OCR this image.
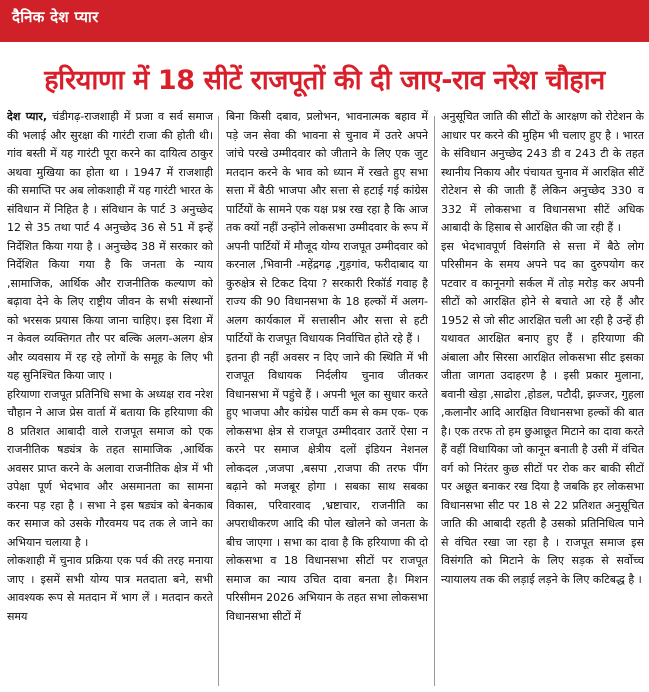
दैनिक देश प्यार
हरियाणा में 18 सीटें राजपूतों की दी जाए-राव नरेश चौहान

देश प्यार, चंडीगढ़-राजशाही में प्रजा व सर्व समाज की भलाई और सुरक्षा की गारंटी राजा की होती थी। गांव बस्ती में यह गारंटी पूरा करने का दायित्व ठाकुर अथवा मुखिया का होता था । 1947 में राजशाही की समाप्ति पर अब लोकशाही में यह गारंटी भारत के संविधान में निहित है । संविधान के पार्ट 3 अनुच्छेद 12 से 35 तथा पार्ट 4 अनुच्छेद 36 से 51 में इन्हें निर्देशित किया गया है । अनुच्छेद 38 में सरकार को निर्देशित किया गया है कि जनता के न्याय ,सामाजिक, आर्थिक और राजनीतिक कल्याण को बढ़ावा देने के लिए राष्ट्रीय जीवन के सभी संस्थानों को भरसक प्रयास किया जाना चाहिए। इस दिशा में न केवल व्यक्तिगत तौर पर बल्कि अलग-अलग क्षेत्र और व्यवसाय में रह रहे लोगों के समूह के लिए भी यह सुनिश्चित किया जाए ।

हरियाणा राजपूत प्रतिनिधि सभा के अध्यक्ष राव नरेश चौहान ने आज प्रेस वार्ता में बताया कि हरियाणा की 8 प्रतिशत आबादी वाले राजपूत समाज को एक राजनीतिक षड्यंत्र के तहत सामाजिक ,आर्थिक अवसर प्राप्त करने के अलावा राजनीतिक क्षेत्र में भी उपेक्षा पूर्ण भेदभाव और असमानता का सामना करना पड़ रहा है । सभा ने इस षड्यंत्र को बेनकाब कर समाज को उसके गौरवमय पद तक ले जाने का अभियान चलाया है ।

लोकशाही में चुनाव प्रक्रिया एक पर्व की तरह मनाया जाए । इसमें सभी योग्य पात्र मतदाता बने, सभी आवश्यक रूप से मतदान में भाग लें । मतदान करते समय

बिना किसी दबाव, प्रलोभन, भावनात्मक बहाव में पड़े जन सेवा की भावना से चुनाव में उतरे अपने जांचे परखे उम्मीदवार को जीताने के लिए एक जुट मतदान करने के भाव को ध्यान में रखते हुए सभा सत्ता में बैठी भाजपा और सत्ता से हटाई गई कांग्रेस पार्टियों के सामने एक यक्ष प्रश्न रख रहा है कि आज तक क्यों नहीं उन्होंने लोकसभा उम्मीदवार के रूप में अपनी पार्टियों में मौजूद योग्य राजपूत उम्मीदवार को करनाल ,भिवानी -महेंद्रगढ़ ,गुड़गांव, फरीदाबाद या कुरुक्षेत्र से टिकट दिया ? सरकारी रिकॉर्ड गवाह है राज्य की 90 विधानसभा के 18 हल्कों में अलग-अलग कार्यकाल में सत्तासीन और सत्ता से हटी पार्टियों के राजपूत विधायक निर्वाचित होते रहे हैं ।

इतना ही नहीं अवसर न दिए जाने की स्थिति में भी राजपूत विधायक निर्दलीय चुनाव जीतकर विधानसभा में पहुंचे हैं । अपनी भूल का सुधार करते हुए भाजपा और कांग्रेस पार्टी कम से कम एक- एक लोकसभा क्षेत्र से राजपूत उम्मीदवार उतारें ऐसा न करने पर समाज क्षेत्रीय दलों इंडियन नेशनल लोकदल ,जजपा ,बसपा ,राजपा की तरफ पींग बढ़ाने को मजबूर होगा । सबका साथ सबका विकास, परिवारवाद ,भ्रष्टाचार, राजनीति का अपराधीकरण आदि की पोल खोलने को जनता के बीच जाएगा । सभा का दावा है कि हरियाणा की दो लोकसभा व 18 विधानसभा सीटों पर राजपूत समाज का न्याय उचित दावा बनता है। मिशन परिसीमन 2026 अभियान के तहत सभा लोकसभा विधानसभा सीटों में

अनुसूचित जाति की सीटों के आरक्षण को रोटेशन के आधार पर करने की मुहिम भी चलाए हुए है । भारत के संविधान अनुच्छेद 243 डी व 243 टी के तहत स्थानीय निकाय और पंचायत चुनाव में आरक्षित सीटें रोटेशन से की जाती हैं लेकिन अनुच्छेद 330 व 332 में लोकसभा व विधानसभा सीटें अधिक आबादी के हिसाब से आरक्षित की जा रही हैं ।

इस भेदभावपूर्ण विसंगति से सत्ता में बैठे लोग परिसीमन के समय अपने पद का दुरुपयोग कर पटवार व कानूनगो सर्कल में तोड़ मरोड़ कर अपनी सीटों को आरक्षित होने से बचाते आ रहे हैं और 1952 से जो सीट आरक्षित चली आ रही है उन्हें ही यथावत आरक्षित बनाए हुए हैं । हरियाणा की अंबाला और सिरसा आरक्षित लोकसभा सीट इसका जीता जागता उदाहरण है । इसी प्रकार मुलाना, बवानी खेड़ा ,साढोरा ,होडल, पटौदी, झज्जर, गुहला ,कलानौर आदि आरक्षित विधानसभा हल्कों की बात है। एक तरफ तो हम छुआछूत मिटाने का दावा करते हैं वहीं विधायिका जो कानून बनाती है उसी में वंचित वर्ग को निरंतर कुछ सीटों पर रोक कर बाकी सीटों पर अछूत बनाकर रख दिया है जबकि हर लोकसभा विधानसभा सीट पर 18 से 22 प्रतिशत अनुसूचित जाति की आबादी रहती है उसको प्रतिनिधित्व पाने से वंचित रखा जा रहा है । राजपूत समाज इस विसंगति को मिटाने के लिए सड़क से सर्वोच्च न्यायालय तक की लड़ाई लड़ने के लिए कटिबद्ध है ।
